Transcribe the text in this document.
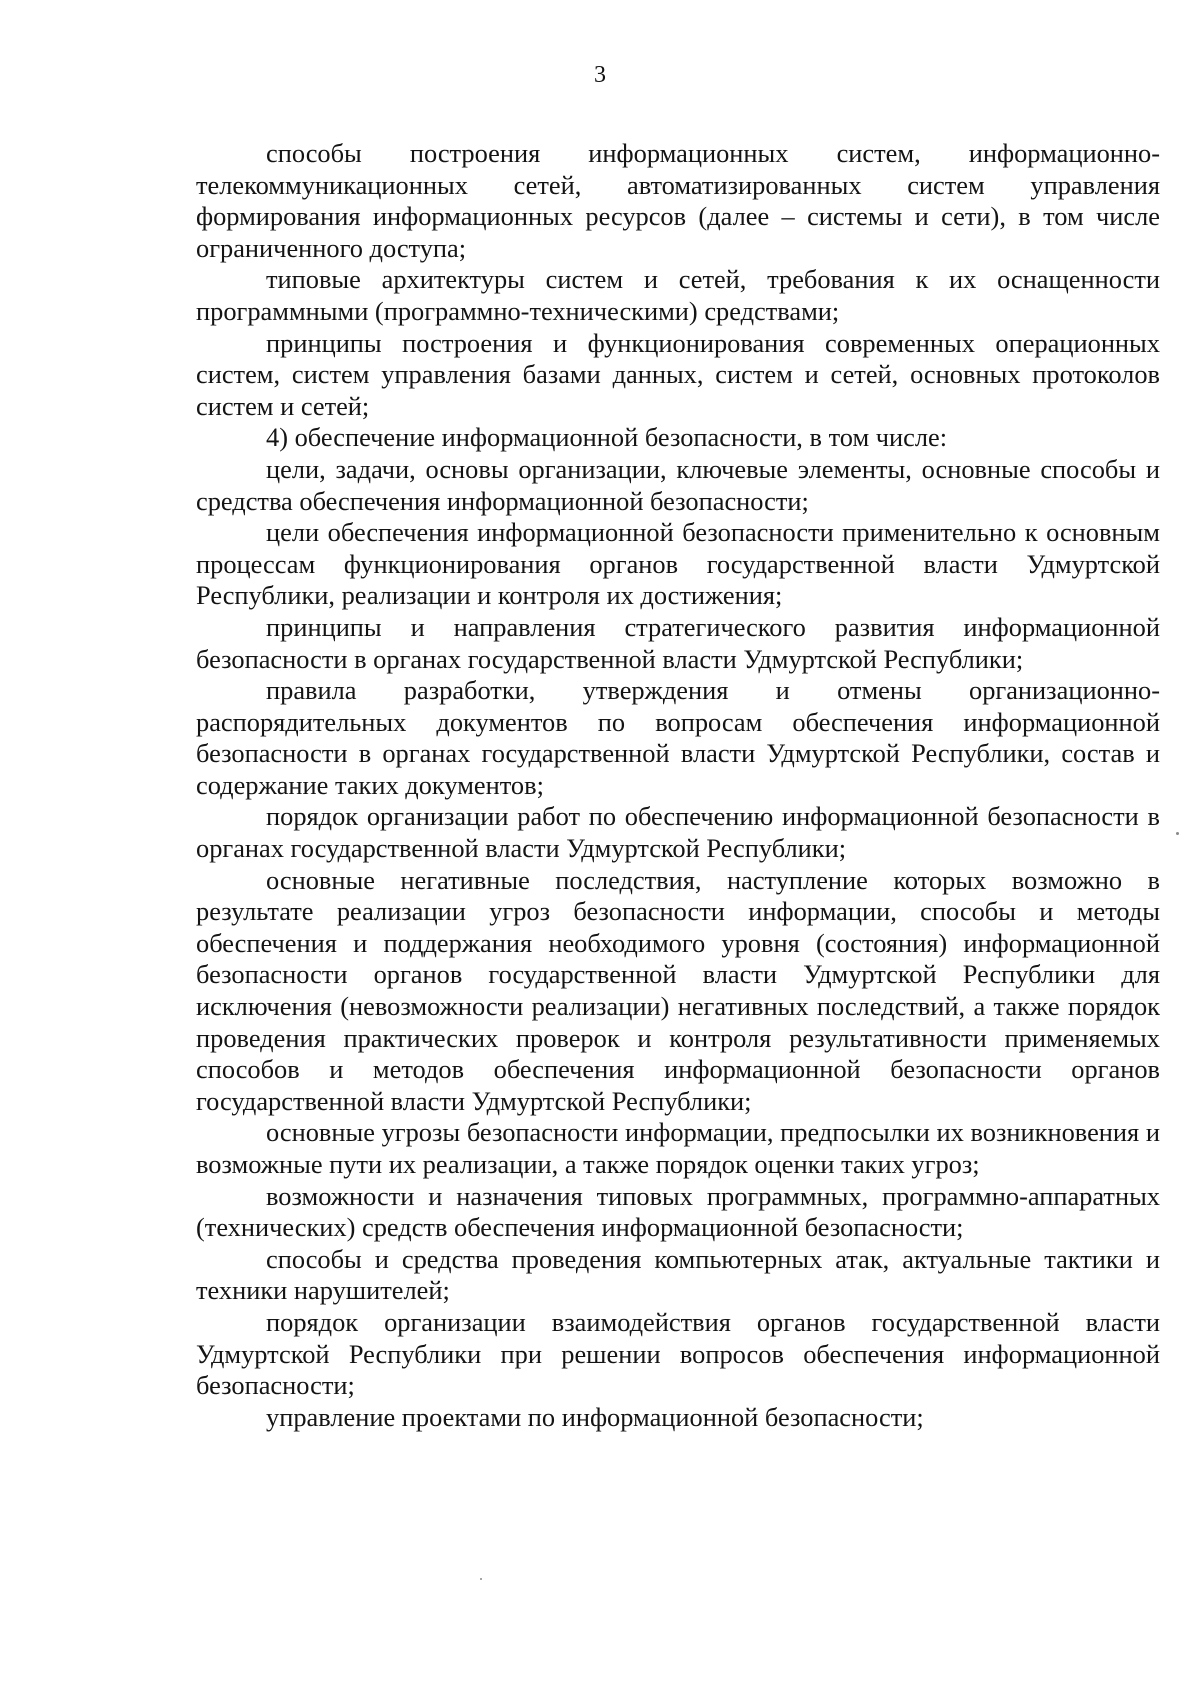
3

способы построения информационных систем, информационно-телекоммуникационных сетей, автоматизированных систем управления формирования информационных ресурсов (далее – системы и сети), в том числе ограниченного доступа;

типовые архитектуры систем и сетей, требования к их оснащенности программными (программно-техническими) средствами;

принципы построения и функционирования современных операционных систем, систем управления базами данных, систем и сетей, основных протоколов систем и сетей;

4) обеспечение информационной безопасности, в том числе:

цели, задачи, основы организации, ключевые элементы, основные способы и средства обеспечения информационной безопасности;

цели обеспечения информационной безопасности применительно к основным процессам функционирования органов государственной власти Удмуртской Республики, реализации и контроля их достижения;

принципы и направления стратегического развития информационной безопасности в органах государственной власти Удмуртской Республики;

правила разработки, утверждения и отмены организационно-распорядительных документов по вопросам обеспечения информационной безопасности в органах государственной власти Удмуртской Республики, состав и содержание таких документов;

порядок организации работ по обеспечению информационной безопасности в органах государственной власти Удмуртской Республики;

основные негативные последствия, наступление которых возможно в результате реализации угроз безопасности информации, способы и методы обеспечения и поддержания необходимого уровня (состояния) информационной безопасности органов государственной власти Удмуртской Республики для исключения (невозможности реализации) негативных последствий, а также порядок проведения практических проверок и контроля результативности применяемых способов и методов обеспечения информационной безопасности органов государственной власти Удмуртской Республики;

основные угрозы безопасности информации, предпосылки их возникновения и возможные пути их реализации, а также порядок оценки таких угроз;

возможности и назначения типовых программных, программно-аппаратных (технических) средств обеспечения информационной безопасности;

способы и средства проведения компьютерных атак, актуальные тактики и техники нарушителей;

порядок организации взаимодействия органов государственной власти Удмуртской Республики при решении вопросов обеспечения информационной безопасности;

управление проектами по информационной безопасности;
